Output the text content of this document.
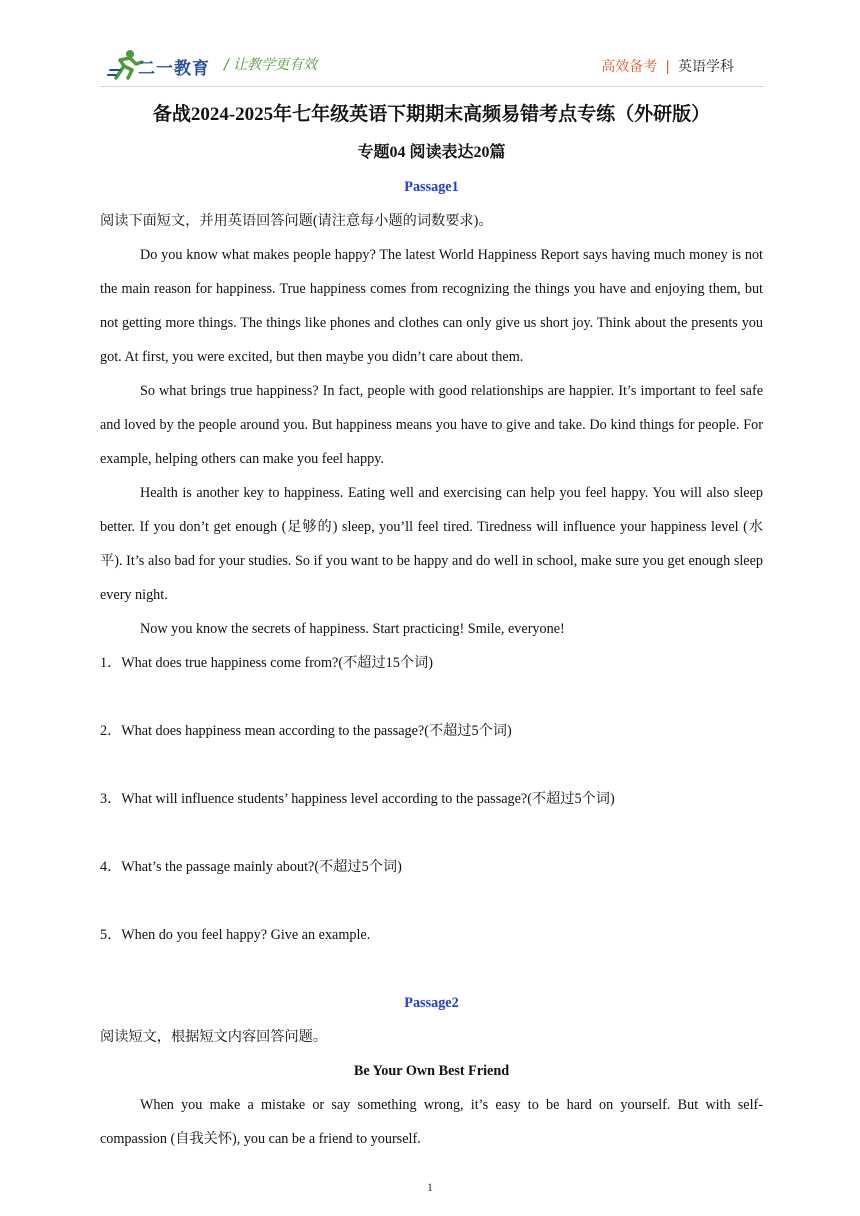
二一教育 / 让教学更有效	高效备考 | 英语学科
备战2024-2025年七年级英语下期期末高频易错考点专练（外研版）
专题04 阅读表达20篇
Passage1

阅读下面短文，并用英语回答问题(请注意每小题的词数要求)。

Do you know what makes people happy? The latest World Happiness Report says having much money is not the main reason for happiness. True happiness comes from recognizing the things you have and enjoying them, but not getting more things. The things like phones and clothes can only give us short joy. Think about the presents you got. At first, you were excited, but then maybe you didn’t care about them.

So what brings true happiness? In fact, people with good relationships are happier. It’s important to feel safe and loved by the people around you. But happiness means you have to give and take. Do kind things for people. For example, helping others can make you feel happy.

Health is another key to happiness. Eating well and exercising can help you feel happy. You will also sleep better. If you don’t get enough (足够的) sleep, you’ll feel tired. Tiredness will influence your happiness level (水平). It’s also bad for your studies. So if you want to be happy and do well in school, make sure you get enough sleep every night.

Now you know the secrets of happiness. Start practicing! Smile, everyone!

1．What does true happiness come from?(不超过15个词)

2．What does happiness mean according to the passage?(不超过5个词)

3．What will influence students’ happiness level according to the passage?(不超过5个词)

4．What’s the passage mainly about?(不超过5个词)

5．When do you feel happy? Give an example.

Passage2

阅读短文，根据短文内容回答问题。

Be Your Own Best Friend

When you make a mistake or say something wrong, it’s easy to be hard on yourself. But with self-compassion (自我关怀), you can be a friend to yourself.

1
